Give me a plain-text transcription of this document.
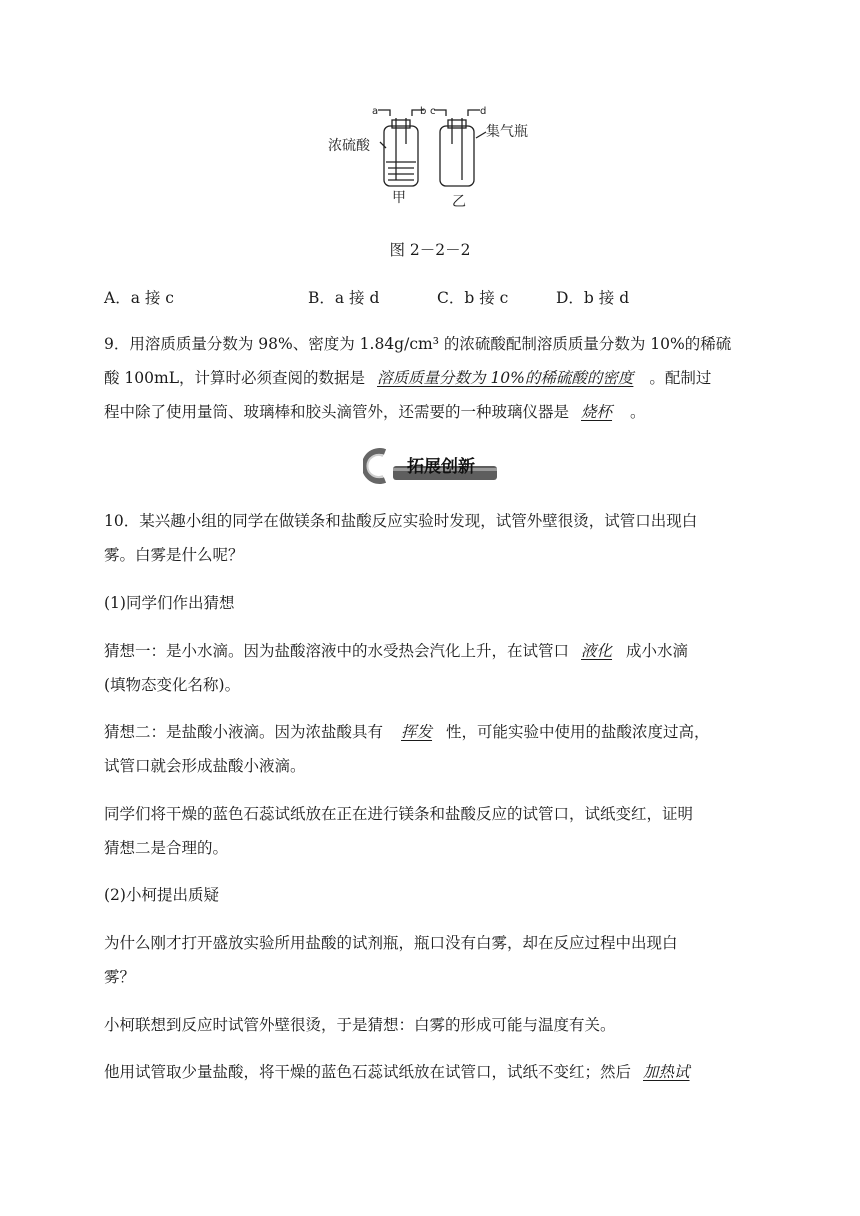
a	b c	d
浓硫酸
集气瓶
甲	乙
图 2－2－2
A．a 接 c	B．a 接 d	C．b 接 c	D．b 接 d
9．用溶质质量分数为 98%、密度为 1.84g/cm³ 的浓硫酸配制溶质质量分数为 10%的稀硫
酸 100mL，计算时必须查阅的数据是 溶质质量分数为 10%的稀硫酸的密度 。配制过
程中除了使用量筒、玻璃棒和胶头滴管外，还需要的一种玻璃仪器是 烧杯 。
拓展创新
10．某兴趣小组的同学在做镁条和盐酸反应实验时发现，试管外壁很烫，试管口出现白
雾。白雾是什么呢？
(1)同学们作出猜想
猜想一：是小水滴。因为盐酸溶液中的水受热会汽化上升，在试管口 液化 成小水滴
(填物态变化名称)。
猜想二：是盐酸小液滴。因为浓盐酸具有 挥发 性，可能实验中使用的盐酸浓度过高，
试管口就会形成盐酸小液滴。
同学们将干燥的蓝色石蕊试纸放在正在进行镁条和盐酸反应的试管口，试纸变红，证明
猜想二是合理的。
(2)小柯提出质疑
为什么刚才打开盛放实验所用盐酸的试剂瓶，瓶口没有白雾，却在反应过程中出现白
雾？
小柯联想到反应时试管外壁很烫，于是猜想：白雾的形成可能与温度有关。
他用试管取少量盐酸，将干燥的蓝色石蕊试纸放在试管口，试纸不变红；然后 加热试
